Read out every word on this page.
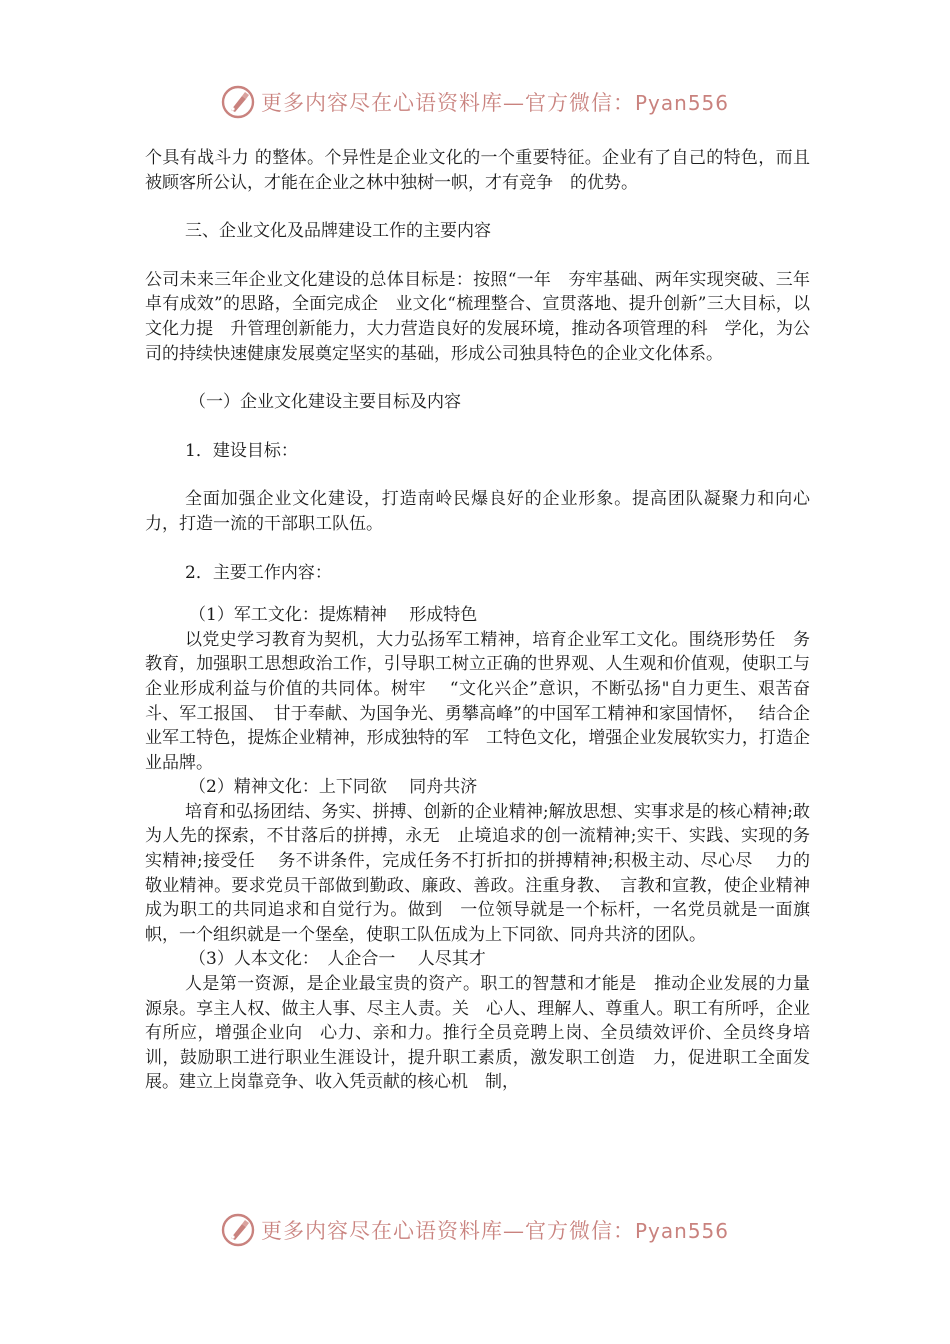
更多内容尽在心语资料库—官方微信：Pyan556

个具有战斗力 的整体。个异性是企业文化的一个重要特征。企业有了自己的特色，而且被顾客所公认，才能在企业之林中独树一帜，才有竞争　的优势。

三、企业文化及品牌建设工作的主要内容

公司未来三年企业文化建设的总体目标是：按照“一年　夯牢基础、两年实现突破、三年卓有成效”的思路，全面完成企　业文化“梳理整合、宣贯落地、提升创新”三大目标，以文化力提　升管理创新能力，大力营造良好的发展环境，推动各项管理的科　学化，为公司的持续快速健康发展奠定坚实的基础，形成公司独具特色的企业文化体系。

（一）企业文化建设主要目标及内容

1．建设目标：

全面加强企业文化建设，打造南岭民爆良好的企业形象。提高团队凝聚力和向心力，打造一流的干部职工队伍。

2．主要工作内容：

（1）军工文化：提炼精神　 形成特色

以党史学习教育为契机，大力弘扬军工精神，培育企业军工文化。围绕形势任　务教育，加强职工思想政治工作，引导职工树立正确的世界观、人生观和价值观，使职工与企业形成利益与价值的共同体。树牢　 “文化兴企”意识，不断弘扬"自力更生、艰苦奋斗、军工报国、　甘于奉献、为国争光、勇攀高峰”的中国军工精神和家国情怀，　 结合企业军工特色，提炼企业精神，形成独特的军　工特色文化，增强企业发展软实力，打造企业品牌。

（2）精神文化：上下同欲　 同舟共济

培育和弘扬团结、务实、拼搏、创新的企业精神;解放思想、实事求是的核心精神;敢为人先的探索，不甘落后的拼搏，永无　止境追求的创一流精神;实干、实践、实现的务实精神;接受任　 务不讲条件，完成任务不打折扣的拼搏精神;积极主动、尽心尽　 力的敬业精神。要求党员干部做到勤政、廉政、善政。注重身教、　言教和宣教，使企业精神成为职工的共同追求和自觉行为。做到　一位领导就是一个标杆，一名党员就是一面旗帜，一个组织就是一个堡垒，使职工队伍成为上下同欲、同舟共济的团队。

（3）人本文化：　人企合一　 人尽其才

人是第一资源，是企业最宝贵的资产。职工的智慧和才能是　推动企业发展的力量源泉。享主人权、做主人事、尽主人责。关　心人、理解人、尊重人。职工有所呼，企业有所应，增强企业向　心力、亲和力。推行全员竞聘上岗、全员绩效评价、全员终身培　训，鼓励职工进行职业生涯设计，提升职工素质，激发职工创造　力，促进职工全面发展。建立上岗靠竞争、收入凭贡献的核心机　制，

更多内容尽在心语资料库—官方微信：Pyan556
